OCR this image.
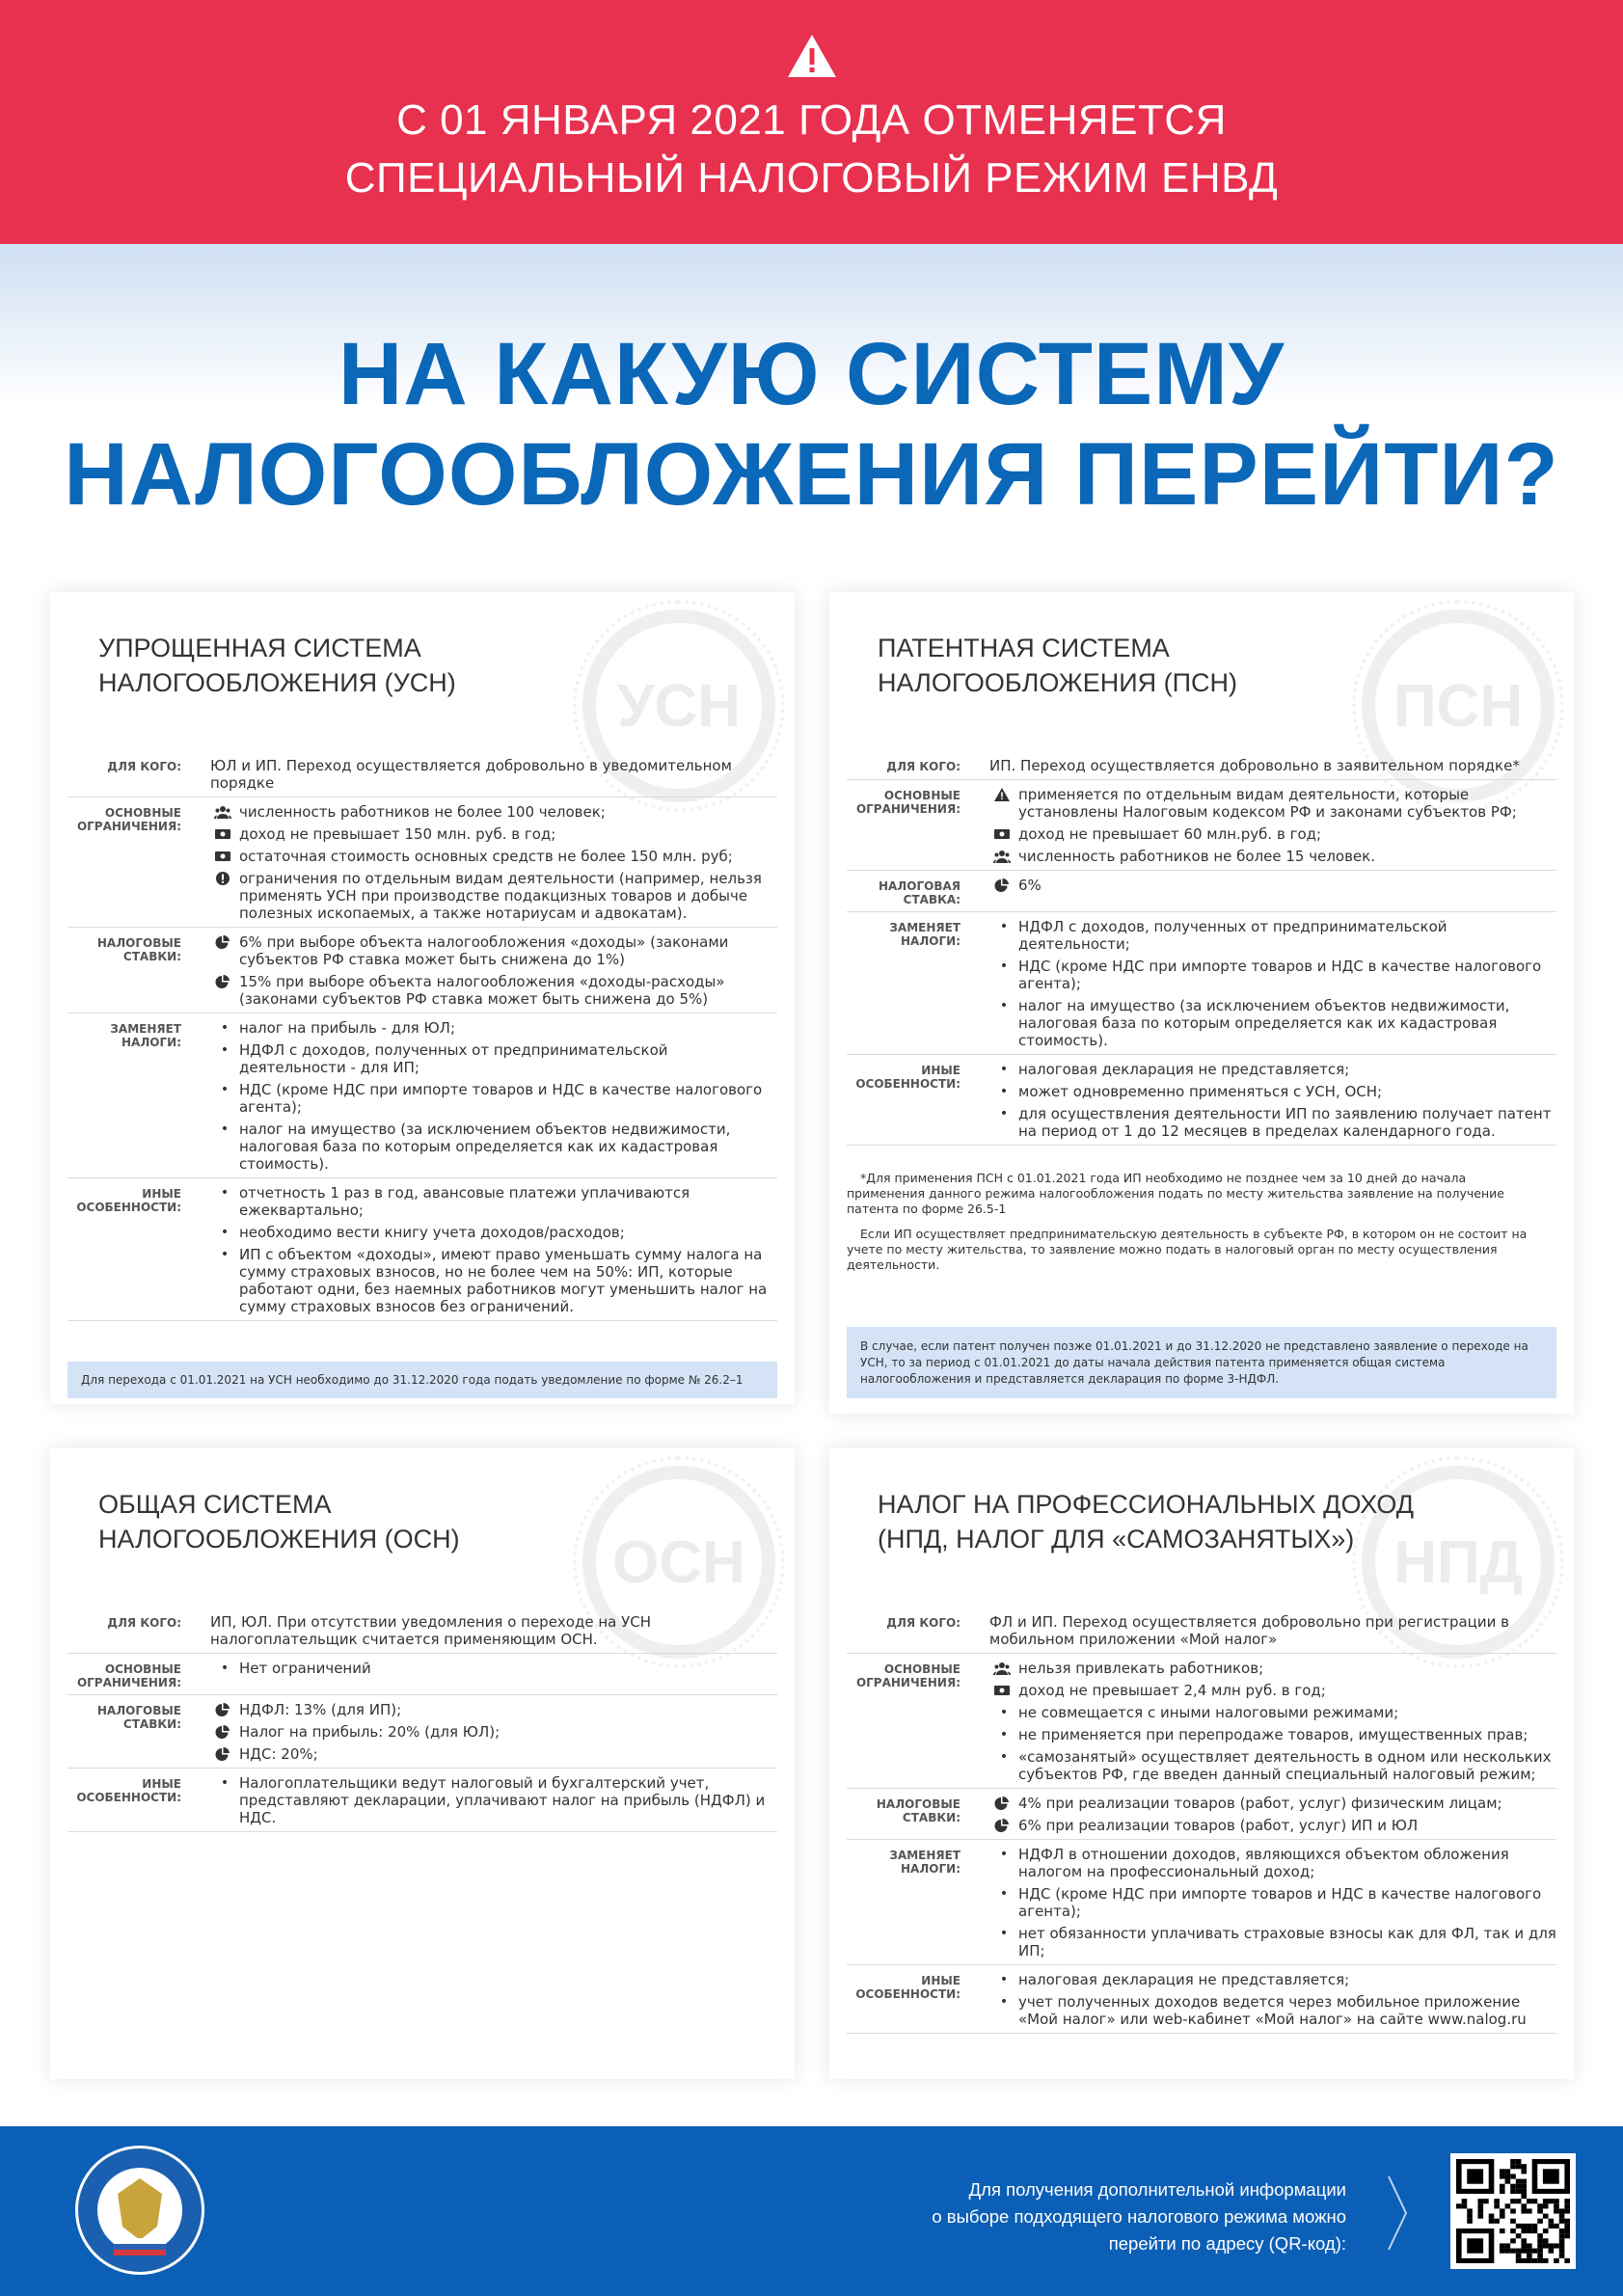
С 01 ЯНВАРЯ 2021 ГОДА ОТМЕНЯЕТСЯ
СПЕЦИАЛЬНЫЙ НАЛОГОВЫЙ РЕЖИМ ЕНВД
НА КАКУЮ СИСТЕМУ
НАЛОГООБЛОЖЕНИЯ ПЕРЕЙТИ?
УСН
УПРОЩЕННАЯ СИСТЕМА
НАЛОГООБЛОЖЕНИЯ (УСН)
ДЛЯ КОГО:	ЮЛ и ИП. Переход осуществляется добровольно в уведомительном порядке
ОСНОВНЫЕ
ОГРАНИЧЕНИЯ:
численность работников не более 100 человек;
доход не превышает 150 млн. руб. в год;
остаточная стоимость основных средств не более 150 млн. руб;
ограничения по отдельным видам деятельности (например, нельзя применять УСН при производстве подакцизных товаров и добыче полезных ископаемых, а также нотариусам и адвокатам).
НАЛОГОВЫЕ
СТАВКИ:
6% при выборе объекта налогообложения «доходы» (законами субъектов РФ ставка может быть снижена до 1%)
15% при выборе объекта налогообложения «доходы-расходы» (законами субъектов РФ ставка может быть снижена до 5%)
ЗАМЕНЯЕТ
НАЛОГИ:
• налог на прибыль - для ЮЛ;
• НДФЛ с доходов, полученных от предпринимательской деятельности - для ИП;
• НДС (кроме НДС при импорте товаров и НДС в качестве налогового агента);
• налог на имущество (за исключением объектов недвижимости, налоговая база по которым определяется как их кадастровая стоимость).
ИНЫЕ
ОСОБЕННОСТИ:
• отчетность 1 раз в год, авансовые платежи уплачиваются ежеквартально;
• необходимо вести книгу учета доходов/расходов;
• ИП с объектом «доходы», имеют право уменьшать сумму налога на сумму страховых взносов, но не более чем на 50%: ИП, которые работают одни, без наемных работников могут уменьшить налог на сумму страховых взносов без ограничений.
Для перехода с 01.01.2021 на УСН необходимо до 31.12.2020 года подать уведомление по форме № 26.2–1
ПСН
ПАТЕНТНАЯ СИСТЕМА
НАЛОГООБЛОЖЕНИЯ (ПСН)
ДЛЯ КОГО:	ИП. Переход осуществляется добровольно в заявительном порядке*
ОСНОВНЫЕ
ОГРАНИЧЕНИЯ:
применяется по отдельным видам деятельности, которые установлены Налоговым кодексом РФ и законами субъектов РФ;
доход не превышает 60 млн.руб. в год;
численность работников не более 15 человек.
НАЛОГОВАЯ
СТАВКА:
6%
ЗАМЕНЯЕТ
НАЛОГИ:
• НДФЛ с доходов, полученных от предпринимательской деятельности;
• НДС (кроме НДС при импорте товаров и НДС в качестве налогового агента);
• налог на имущество (за исключением объектов недвижимости, налоговая база по которым определяется как их кадастровая стоимость).
ИНЫЕ
ОСОБЕННОСТИ:
• налоговая декларация не представляется;
• может одновременно применяться с УСН, ОСН;
• для осуществления деятельности ИП по заявлению получает патент на период от 1 до 12 месяцев в пределах календарного года.
*Для применения ПСН с 01.01.2021 года ИП необходимо не позднее чем за 10 дней до начала применения данного режима налогообложения подать по месту жительства заявление на получение патента по форме 26.5-1
Если ИП осуществляет предпринимательскую деятельность в субъекте РФ, в котором он не состоит на учете по месту жительства, то заявление можно подать в налоговый орган по месту осуществления деятельности.
В случае, если патент получен позже 01.01.2021 и до 31.12.2020 не представлено заявление о переходе на УСН, то за период с 01.01.2021 до даты начала действия патента применяется общая система налогообложения и представляется декларация по форме 3-НДФЛ.
ОСН
ОБЩАЯ СИСТЕМА
НАЛОГООБЛОЖЕНИЯ (ОСН)
ДЛЯ КОГО:	ИП, ЮЛ. При отсутствии уведомления о переходе на УСН налогоплательщик считается применяющим ОСН.
ОСНОВНЫЕ
ОГРАНИЧЕНИЯ:
• Нет ограничений
НАЛОГОВЫЕ
СТАВКИ:
НДФЛ: 13% (для ИП);
Налог на прибыль: 20% (для ЮЛ);
НДС: 20%;
ИНЫЕ
ОСОБЕННОСТИ:
• Налогоплательщики ведут налоговый и бухгалтерский учет, представляют декларации, уплачивают налог на прибыль (НДФЛ) и НДС.
НПД
НАЛОГ НА ПРОФЕССИОНАЛЬНЫХ ДОХОД
(НПД, НАЛОГ ДЛЯ «САМОЗАНЯТЫХ»)
ДЛЯ КОГО:	ФЛ и ИП. Переход осуществляется добровольно при регистрации в мобильном приложении «Мой налог»
ОСНОВНЫЕ
ОГРАНИЧЕНИЯ:
нельзя привлекать работников;
доход не превышает 2,4 млн руб. в год;
• не совмещается с иными налоговыми режимами;
• не применяется при перепродаже товаров, имущественных прав;
• «самозанятый» осуществляет деятельность в одном или нескольких субъектов РФ, где введен данный специальный налоговый режим;
НАЛОГОВЫЕ
СТАВКИ:
4% при реализации товаров (работ, услуг) физическим лицам;
6% при реализации товаров (работ, услуг) ИП и ЮЛ
ЗАМЕНЯЕТ
НАЛОГИ:
• НДФЛ в отношении доходов, являющихся объектом обложения налогом на профессиональный доход;
• НДС (кроме НДС при импорте товаров и НДС в качестве налогового агента);
• нет обязанности уплачивать страховые взносы как для ФЛ, так и для ИП;
ИНЫЕ
ОСОБЕННОСТИ:
• налоговая декларация не представляется;
• учет полученных доходов ведется через мобильное приложение «Мой налог» или web-кабинет «Мой налог» на сайте www.nalog.ru
Для получения дополнительной информации
о выборе подходящего налогового режима можно
перейти по адресу (QR-код):
